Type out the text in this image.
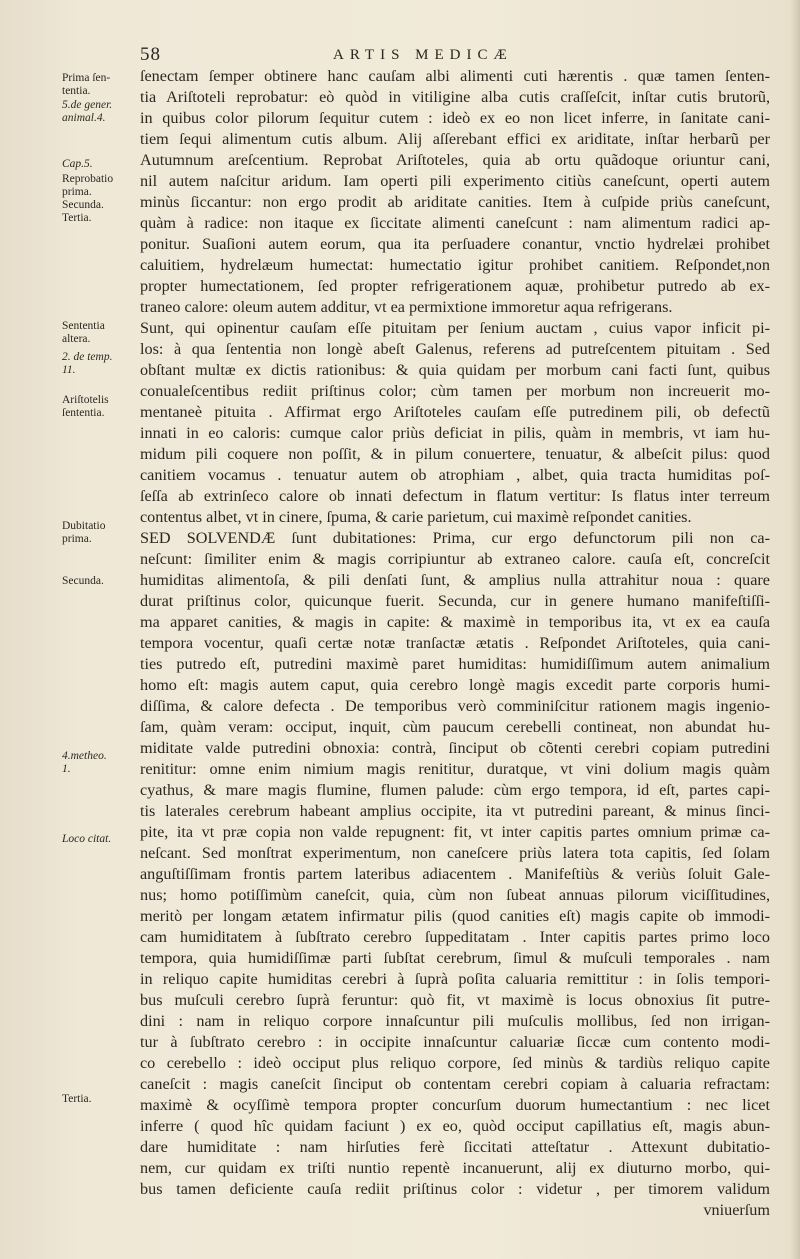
58	ARTIS MEDICÆ
Prima ſen-
tentia.
5.de gener.
animal.4.
Cap.5.
Reprobatio
prima.
Secunda.
Tertia.
Sententia
altera.
2. de temp.
11.
Ariſtotelis
ſententia.
Dubitatio
prima.
Secunda.
4.metheo.
1.
Loco citat.
Tertia.
ſenectam ſemper obtinere hanc cauſam albi alimenti cuti hærentis . quæ tamen ſenten-
tia Ariſtoteli reprobatur: eò quòd in vitiligine alba cutis craſſeſcit, inſtar cutis brutorũ,
in quibus color pilorum ſequitur cutem : ideò ex eo non licet inferre, in ſanitate cani-
tiem ſequi alimentum cutis album. Alij aſſerebant effici ex ariditate, inſtar herbarũ per
Autumnum areſcentium. Reprobat Ariſtoteles, quia ab ortu quãdoque oriuntur cani,
nil autem naſcitur aridum. Iam operti pili experimento citiùs caneſcunt, operti autem
minùs ſiccantur: non ergo prodit ab ariditate canities. Item à cuſpide priùs caneſcunt,
quàm à radice: non itaque ex ſiccitate alimenti caneſcunt : nam alimentum radici ap-
ponitur. Suaſioni autem eorum, qua ita perſuadere conantur, vnctio hydrelæi prohibet
caluitiem, hydrelæum humectat: humectatio igitur prohibet canitiem. Reſpondet,non
propter humectationem, ſed propter refrigerationem aquæ, prohibetur putredo ab ex-
traneo calore: oleum autem additur, vt ea permixtione immoretur aqua refrigerans.
Sunt, qui opinentur cauſam eſſe pituitam per ſenium auctam , cuius vapor inficit pi-
los: à qua ſententia non longè abeſt Galenus, referens ad putreſcentem pituitam . Sed
obſtant multæ ex dictis rationibus: & quia quidam per morbum cani facti ſunt, quibus
conualeſcentibus rediit priſtinus color; cùm tamen per morbum non increuerit mo-
mentaneè pituita . Affirmat ergo Ariſtoteles cauſam eſſe putredinem pili, ob defectũ
innati in eo caloris: cumque calor priùs deficiat in pilis, quàm in membris, vt iam hu-
midum pili coquere non poſſit, & in pilum conuertere, tenuatur, & albeſcit pilus: quod
canitiem vocamus . tenuatur autem ob atrophiam , albet, quia tracta humiditas poſ-
ſeſſa ab extrinſeco calore ob innati defectum in flatum vertitur: Is flatus inter terreum
contentus albet, vt in cinere, ſpuma, & carie parietum, cui maximè reſpondet canities.
SED SOLVENDÆ ſunt dubitationes: Prima, cur ergo defunctorum pili non ca-
neſcunt: ſimiliter enim & magis corripiuntur ab extraneo calore. cauſa eſt, concreſcit
humiditas alimentoſa, & pili denſati ſunt, & amplius nulla attrahitur noua : quare
durat priſtinus color, quicunque fuerit. Secunda, cur in genere humano manifeſtiſſi-
ma apparet canities, & magis in capite: & maximè in temporibus ita, vt ex ea cauſa
tempora vocentur, quaſi certæ notæ tranſactæ ætatis . Reſpondet Ariſtoteles, quia cani-
ties putredo eſt, putredini maximè paret humiditas: humidiſſimum autem animalium
homo eſt: magis autem caput, quia cerebro longè magis excedit parte corporis humi-
diſſima, & calore defecta . De temporibus verò comminiſcitur rationem magis ingenio-
ſam, quàm veram: occiput, inquit, cùm paucum cerebelli contineat, non abundat hu-
miditate valde putredini obnoxia: contrà, ſinciput ob cõtenti cerebri copiam putredini
renititur: omne enim nimium magis renititur, duratque, vt vini dolium magis quàm
cyathus, & mare magis flumine, flumen palude: cùm ergo tempora, id eſt, partes capi-
tis laterales cerebrum habeant amplius occipite, ita vt putredini pareant, & minus ſinci-
pite, ita vt præ copia non valde repugnent: fit, vt inter capitis partes omnium primæ ca-
neſcant. Sed monſtrat experimentum, non caneſcere priùs latera tota capitis, ſed ſolam
anguſtiſſimam frontis partem lateribus adiacentem . Manifeſtiùs & veriùs ſoluit Gale-
nus; homo potiſſimùm caneſcit, quia, cùm non ſubeat annuas pilorum viciſſitudines,
meritò per longam ætatem infirmatur pilis (quod canities eſt) magis capite ob immodi-
cam humiditatem à ſubſtrato cerebro ſuppeditatam . Inter capitis partes primo loco
tempora, quia humidiſſimæ parti ſubſtat cerebrum, ſimul & muſculi temporales . nam
in reliquo capite humiditas cerebri à ſuprà poſita caluaria remittitur : in ſolis tempori-
bus muſculi cerebro ſuprà feruntur: quò fit, vt maximè is locus obnoxius ſit putre-
dini : nam in reliquo corpore innaſcuntur pili muſculis mollibus, ſed non irrigan-
tur à ſubſtrato cerebro : in occipite innaſcuntur caluariæ ſiccæ cum contento modi-
co cerebello : ideò occiput plus reliquo corpore, ſed minùs & tardiùs reliquo capite
caneſcit : magis caneſcit ſinciput ob contentam cerebri copiam à caluaria refractam:
maximè & ocyſſimè tempora propter concurſum duorum humectantium : nec licet
inferre ( quod hîc quidam faciunt ) ex eo, quòd occiput capillatius eſt, magis abun-
dare humiditate : nam hirſuties ferè ſiccitati atteſtatur . Attexunt dubitatio-
nem, cur quidam ex triſti nuntio repentè incanuerunt, alij ex diuturno morbo, qui-
bus tamen deficiente cauſa rediit priſtinus color : videtur , per timorem validum
vniuerſum
